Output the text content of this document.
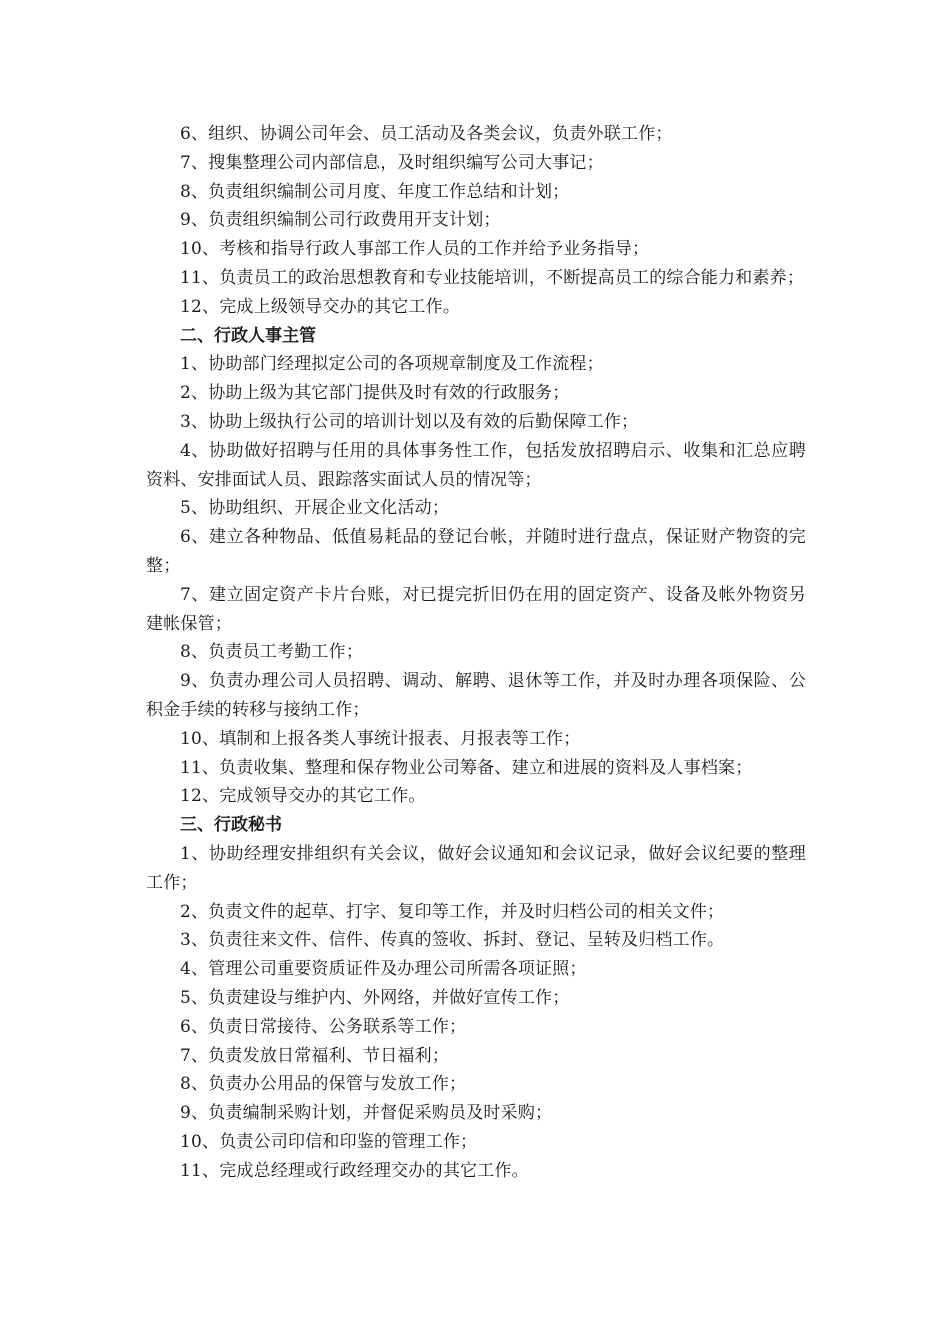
6、组织、协调公司年会、员工活动及各类会议，负责外联工作；

7、搜集整理公司内部信息，及时组织编写公司大事记；

8、负责组织编制公司月度、年度工作总结和计划；

9、负责组织编制公司行政费用开支计划；

10、考核和指导行政人事部工作人员的工作并给予业务指导；

11、负责员工的政治思想教育和专业技能培训，不断提高员工的综合能力和素养；

12、完成上级领导交办的其它工作。

二、行政人事主管

1、协助部门经理拟定公司的各项规章制度及工作流程；

2、协助上级为其它部门提供及时有效的行政服务；

3、协助上级执行公司的培训计划以及有效的后勤保障工作；

4、协助做好招聘与任用的具体事务性工作，包括发放招聘启示、收集和汇总应聘资料、安排面试人员、跟踪落实面试人员的情况等；

5、协助组织、开展企业文化活动；

6、建立各种物品、低值易耗品的登记台帐，并随时进行盘点，保证财产物资的完整；

7、建立固定资产卡片台账，对已提完折旧仍在用的固定资产、设备及帐外物资另建帐保管；

8、负责员工考勤工作；

9、负责办理公司人员招聘、调动、解聘、退休等工作，并及时办理各项保险、公积金手续的转移与接纳工作；

10、填制和上报各类人事统计报表、月报表等工作；

11、负责收集、整理和保存物业公司筹备、建立和进展的资料及人事档案；

12、完成领导交办的其它工作。

三、行政秘书

1、协助经理安排组织有关会议，做好会议通知和会议记录，做好会议纪要的整理工作；

2、负责文件的起草、打字、复印等工作，并及时归档公司的相关文件；

3、负责往来文件、信件、传真的签收、拆封、登记、呈转及归档工作。

4、管理公司重要资质证件及办理公司所需各项证照；

5、负责建设与维护内、外网络，并做好宣传工作；

6、负责日常接待、公务联系等工作；

7、负责发放日常福利、节日福利；

8、负责办公用品的保管与发放工作；

9、负责编制采购计划，并督促采购员及时采购；

10、负责公司印信和印鉴的管理工作；

11、完成总经理或行政经理交办的其它工作。
